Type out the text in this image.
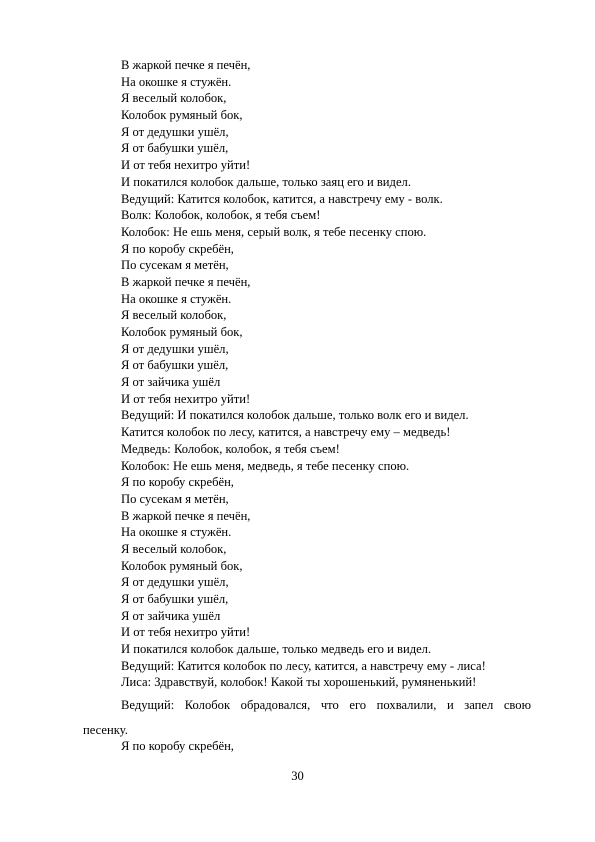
В жаркой печке я печён,
На окошке я стужён.
Я веселый колобок,
Колобок румяный бок,
Я от дедушки ушёл,
Я от бабушки ушёл,
И от тебя нехитро уйти!
И покатился колобок дальше, только заяц его и видел.
Ведущий: Катится колобок, катится, а навстречу ему - волк.
Волк: Колобок, колобок, я тебя съем!
Колобок: Не ешь меня, серый волк, я тебе песенку спою.
Я по коробу скребён,
По сусекам я метён,
В жаркой печке я печён,
На окошке я стужён.
Я веселый колобок,
Колобок румяный бок,
Я от дедушки ушёл,
Я от бабушки ушёл,
Я от зайчика ушёл
И от тебя нехитро уйти!
Ведущий: И покатился колобок дальше, только волк его и видел.
Катится колобок по лесу, катится, а навстречу ему – медведь!
Медведь: Колобок, колобок, я тебя съем!
Колобок: Не ешь меня, медведь, я тебе песенку спою.
Я по коробу скребён,
По сусекам я метён,
В жаркой печке я печён,
На окошке я стужён.
Я веселый колобок,
Колобок румяный бок,
Я от дедушки ушёл,
Я от бабушки ушёл,
Я от зайчика ушёл
И от тебя нехитро уйти!
И покатился колобок дальше, только медведь его и видел.
Ведущий: Катится колобок по лесу, катится, а навстречу ему - лиса!
Лиса: Здравствуй, колобок! Какой ты хорошенький, румяненький!
Ведущий: Колобок обрадовался, что его похвалили, и запел свою
песенку.
Я по коробу скребён,
30
